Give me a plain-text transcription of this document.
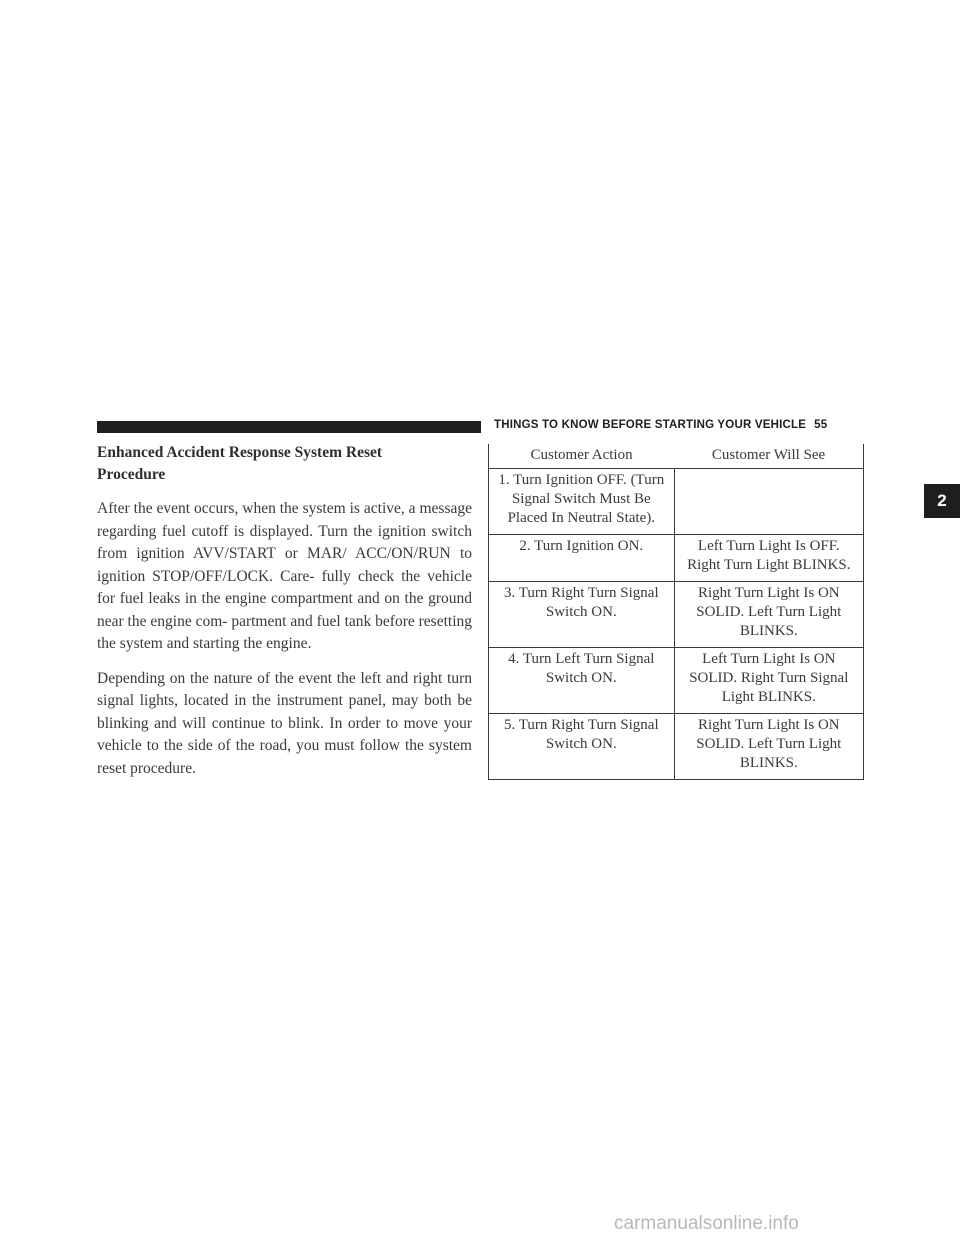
THINGS TO KNOW BEFORE STARTING YOUR VEHICLE 55
2
Enhanced Accident Response System Reset Procedure

After the event occurs, when the system is active, a message regarding fuel cutoff is displayed. Turn the ignition switch from ignition AVV/START or MAR/ ACC/ON/RUN to ignition STOP/OFF/LOCK. Care- fully check the vehicle for fuel leaks in the engine compartment and on the ground near the engine com- partment and fuel tank before resetting the system and starting the engine.

Depending on the nature of the event the left and right turn signal lights, located in the instrument panel, may both be blinking and will continue to blink. In order to move your vehicle to the side of the road, you must follow the system reset procedure.

Customer Action	Customer Will See
1. Turn Ignition OFF. (Turn Signal Switch Must Be Placed In Neutral State).	
2. Turn Ignition ON.	Left Turn Light Is OFF. Right Turn Light BLINKS.
3. Turn Right Turn Signal Switch ON.	Right Turn Light Is ON SOLID. Left Turn Light BLINKS.
4. Turn Left Turn Signal Switch ON.	Left Turn Light Is ON SOLID. Right Turn Signal Light BLINKS.
5. Turn Right Turn Signal Switch ON.	Right Turn Light Is ON SOLID. Left Turn Light BLINKS.
carmanualsonline.info
